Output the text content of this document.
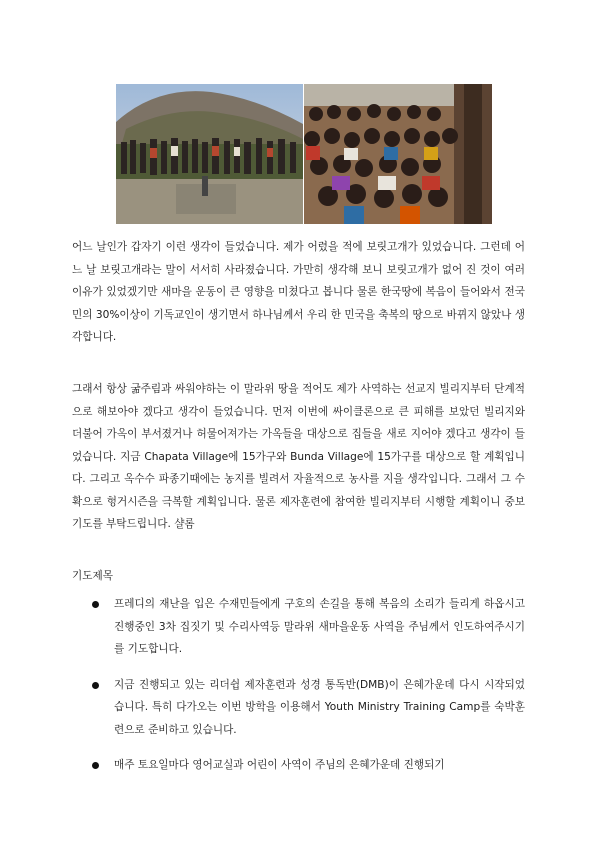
어느 날인가 갑자기 이런 생각이 들었습니다. 제가 어렸을 적에 보릿고개가 있었습니다. 그런데 어느 날 보릿고개라는 말이 서서히 사라졌습니다. 가만히 생각해 보니 보릿고개가 없어 진 것이 여러 이유가 있었겠기만 새마을 운동이 큰 영향을 미쳤다고 봅니다 물론 한국땅에 복음이 들어와서 전국민의 30%이상이 기독교인이 생기면서 하나님께서 우리 한 민국을 축복의 땅으로 바뀌지 않았나 생각합니다.

그래서 항상 굶주림과 싸워야하는 이 말라위 땅을 적어도 제가 사역하는 선교지 빌리지부터 단계적으로 해보아야 겠다고 생각이 들었습니다. 먼저 이번에 싸이클론으로 큰 피해를 보았던 빌리지와 더불어 가옥이 부서졌거나 허물어져가는 가옥들을 대상으로 집들을 새로 지어야 겠다고 생각이 들었습니다. 지금 Chapata Village에 15가구와 Bunda Village에 15가구를 대상으로 할 계획입니다. 그리고 옥수수 파종기때에는 농지를 빌려서 자율적으로 농사를 지을 생각입니다. 그래서 그 수확으로 헝거시즌을 극복할 계획입니다. 물론 제자훈련에 참여한 빌리지부터 시행할 계획이니 중보기도를 부탁드립니다. 샬롬

기도제목

프레디의 재난을 입은 수재민들에게 구호의 손길을 통해 복음의 소리가 들리게 하옵시고 진행중인 3차 집짓기 및 수리사역등 말라위 새마을운동 사역을 주님께서 인도하여주시기를 기도합니다.
지금 진행되고 있는 리더쉽 제자훈련과 성경 통독반(DMB)이 은혜가운데 다시 시작되었습니다. 특히 다가오는 이번 방학을 이용해서 Youth Ministry Training Camp를 숙박훈련으로 준비하고 있습니다.
매주 토요일마다 영어교실과 어린이 사역이 주님의 은혜가운데 진행되기
